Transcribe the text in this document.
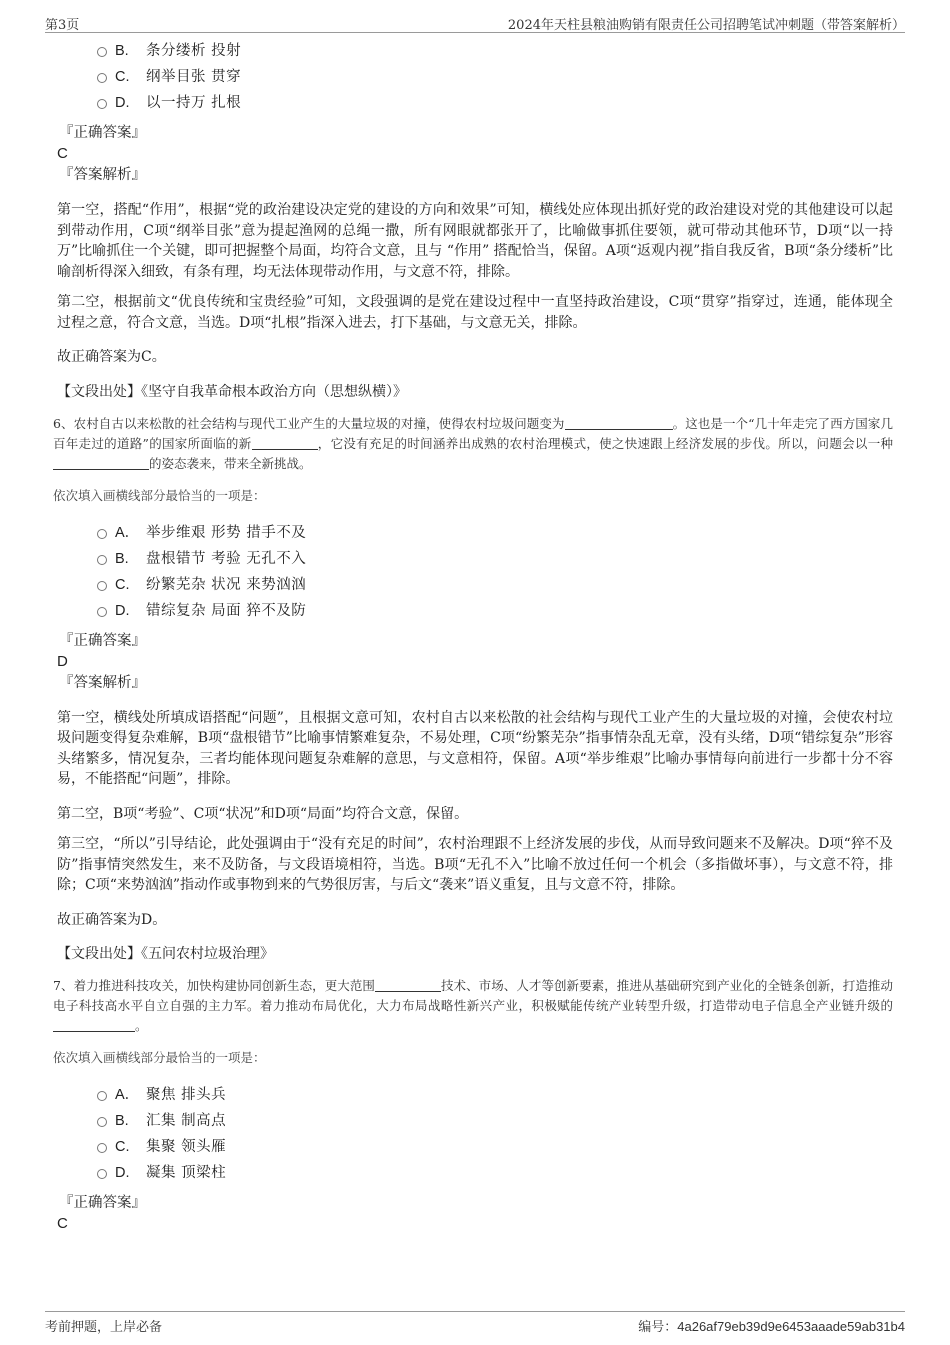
第3页	2024年天柱县粮油购销有限责任公司招聘笔试冲刺题（带答案解析）
B. 条分缕析 投射
C. 纲举目张 贯穿
D. 以一持万 扎根
『正确答案』
C
『答案解析』

第一空，搭配“作用”，根据“党的政治建设决定党的建设的方向和效果”可知，横线处应体现出抓好党的政治建设对党的其他建设可以起到带动作用，C项“纲举目张”意为提起渔网的总绳一撒，所有网眼就都张开了，比喻做事抓住要领，就可带动其他环节，D项“以一持万”比喻抓住一个关键，即可把握整个局面，均符合文意，且与 “作用” 搭配恰当，保留。A项“返观内视”指自我反省，B项“条分缕析”比喻剖析得深入细致，有条有理，均无法体现带动作用，与文意不符，排除。

第二空，根据前文“优良传统和宝贵经验”可知，文段强调的是党在建设过程中一直坚持政治建设，C项“贯穿”指穿过，连通，能体现全过程之意，符合文意，当选。D项“扎根”指深入进去，打下基础，与文意无关，排除。

故正确答案为C。

【文段出处】《坚守自我革命根本政治方向（思想纵横）》
6、农村自古以来松散的社会结构与现代工业产生的大量垃圾的对撞，使得农村垃圾问题变为	。这也是一个“几十年走完了西方国家几百年走过的道路”的国家所面临的新	，它没有充足的时间涵养出成熟的农村治理模式，使之快速跟上经济发展的步伐。所以，问题会以一种的姿态袭来，带来全新挑战。
依次填入画横线部分最恰当的一项是：
A． 举步维艰 形势 措手不及
B. 盘根错节 考验 无孔不入
C. 纷繁芜杂 状况 来势汹汹
D. 错综复杂 局面 猝不及防
『正确答案』
D
『答案解析』

第一空，横线处所填成语搭配“问题”，且根据文意可知，农村自古以来松散的社会结构与现代工业产生的大量垃圾的对撞，会使农村垃圾问题变得复杂难解，B项“盘根错节”比喻事情繁难复杂，不易处理，C项“纷繁芜杂”指事情杂乱无章，没有头绪，D项“错综复杂”形容头绪繁多，情况复杂，三者均能体现问题复杂难解的意思，与文意相符，保留。A项“举步维艰”比喻办事情每向前进行一步都十分不容易，不能搭配“问题”，排除。

第二空，B项“考验”、C项“状况”和D项“局面”均符合文意，保留。

第三空，“所以”引导结论，此处强调由于“没有充足的时间”，农村治理跟不上经济发展的步伐，从而导致问题来不及解决。D项“猝不及防”指事情突然发生，来不及防备，与文段语境相符，当选。B项“无孔不入”比喻不放过任何一个机会（多指做坏事），与文意不符，排除；C项“来势汹汹”指动作或事物到来的气势很厉害，与后文“袭来”语义重复，且与文意不符，排除。

故正确答案为D。

【文段出处】《五问农村垃圾治理》
7、着力推进科技攻关，加快构建协同创新生态，更大范围	技术、市场、人才等创新要素，推进从基础研究到产业化的全链条创新，打造推动电子科技高水平自立自强的主力军。着力推动布局优化，大力布局战略性新兴产业，积极赋能传统产业转型升级，打造带动电子信息全产业链升级的。
依次填入画横线部分最恰当的一项是：
A． 聚焦 排头兵
B. 汇集 制高点
C. 集聚 领头雁
D. 凝集 顶梁柱
『正确答案』
C
考前押题，上岸必备	编号：4a26af79eb39d9e6453aaade59ab31b4
